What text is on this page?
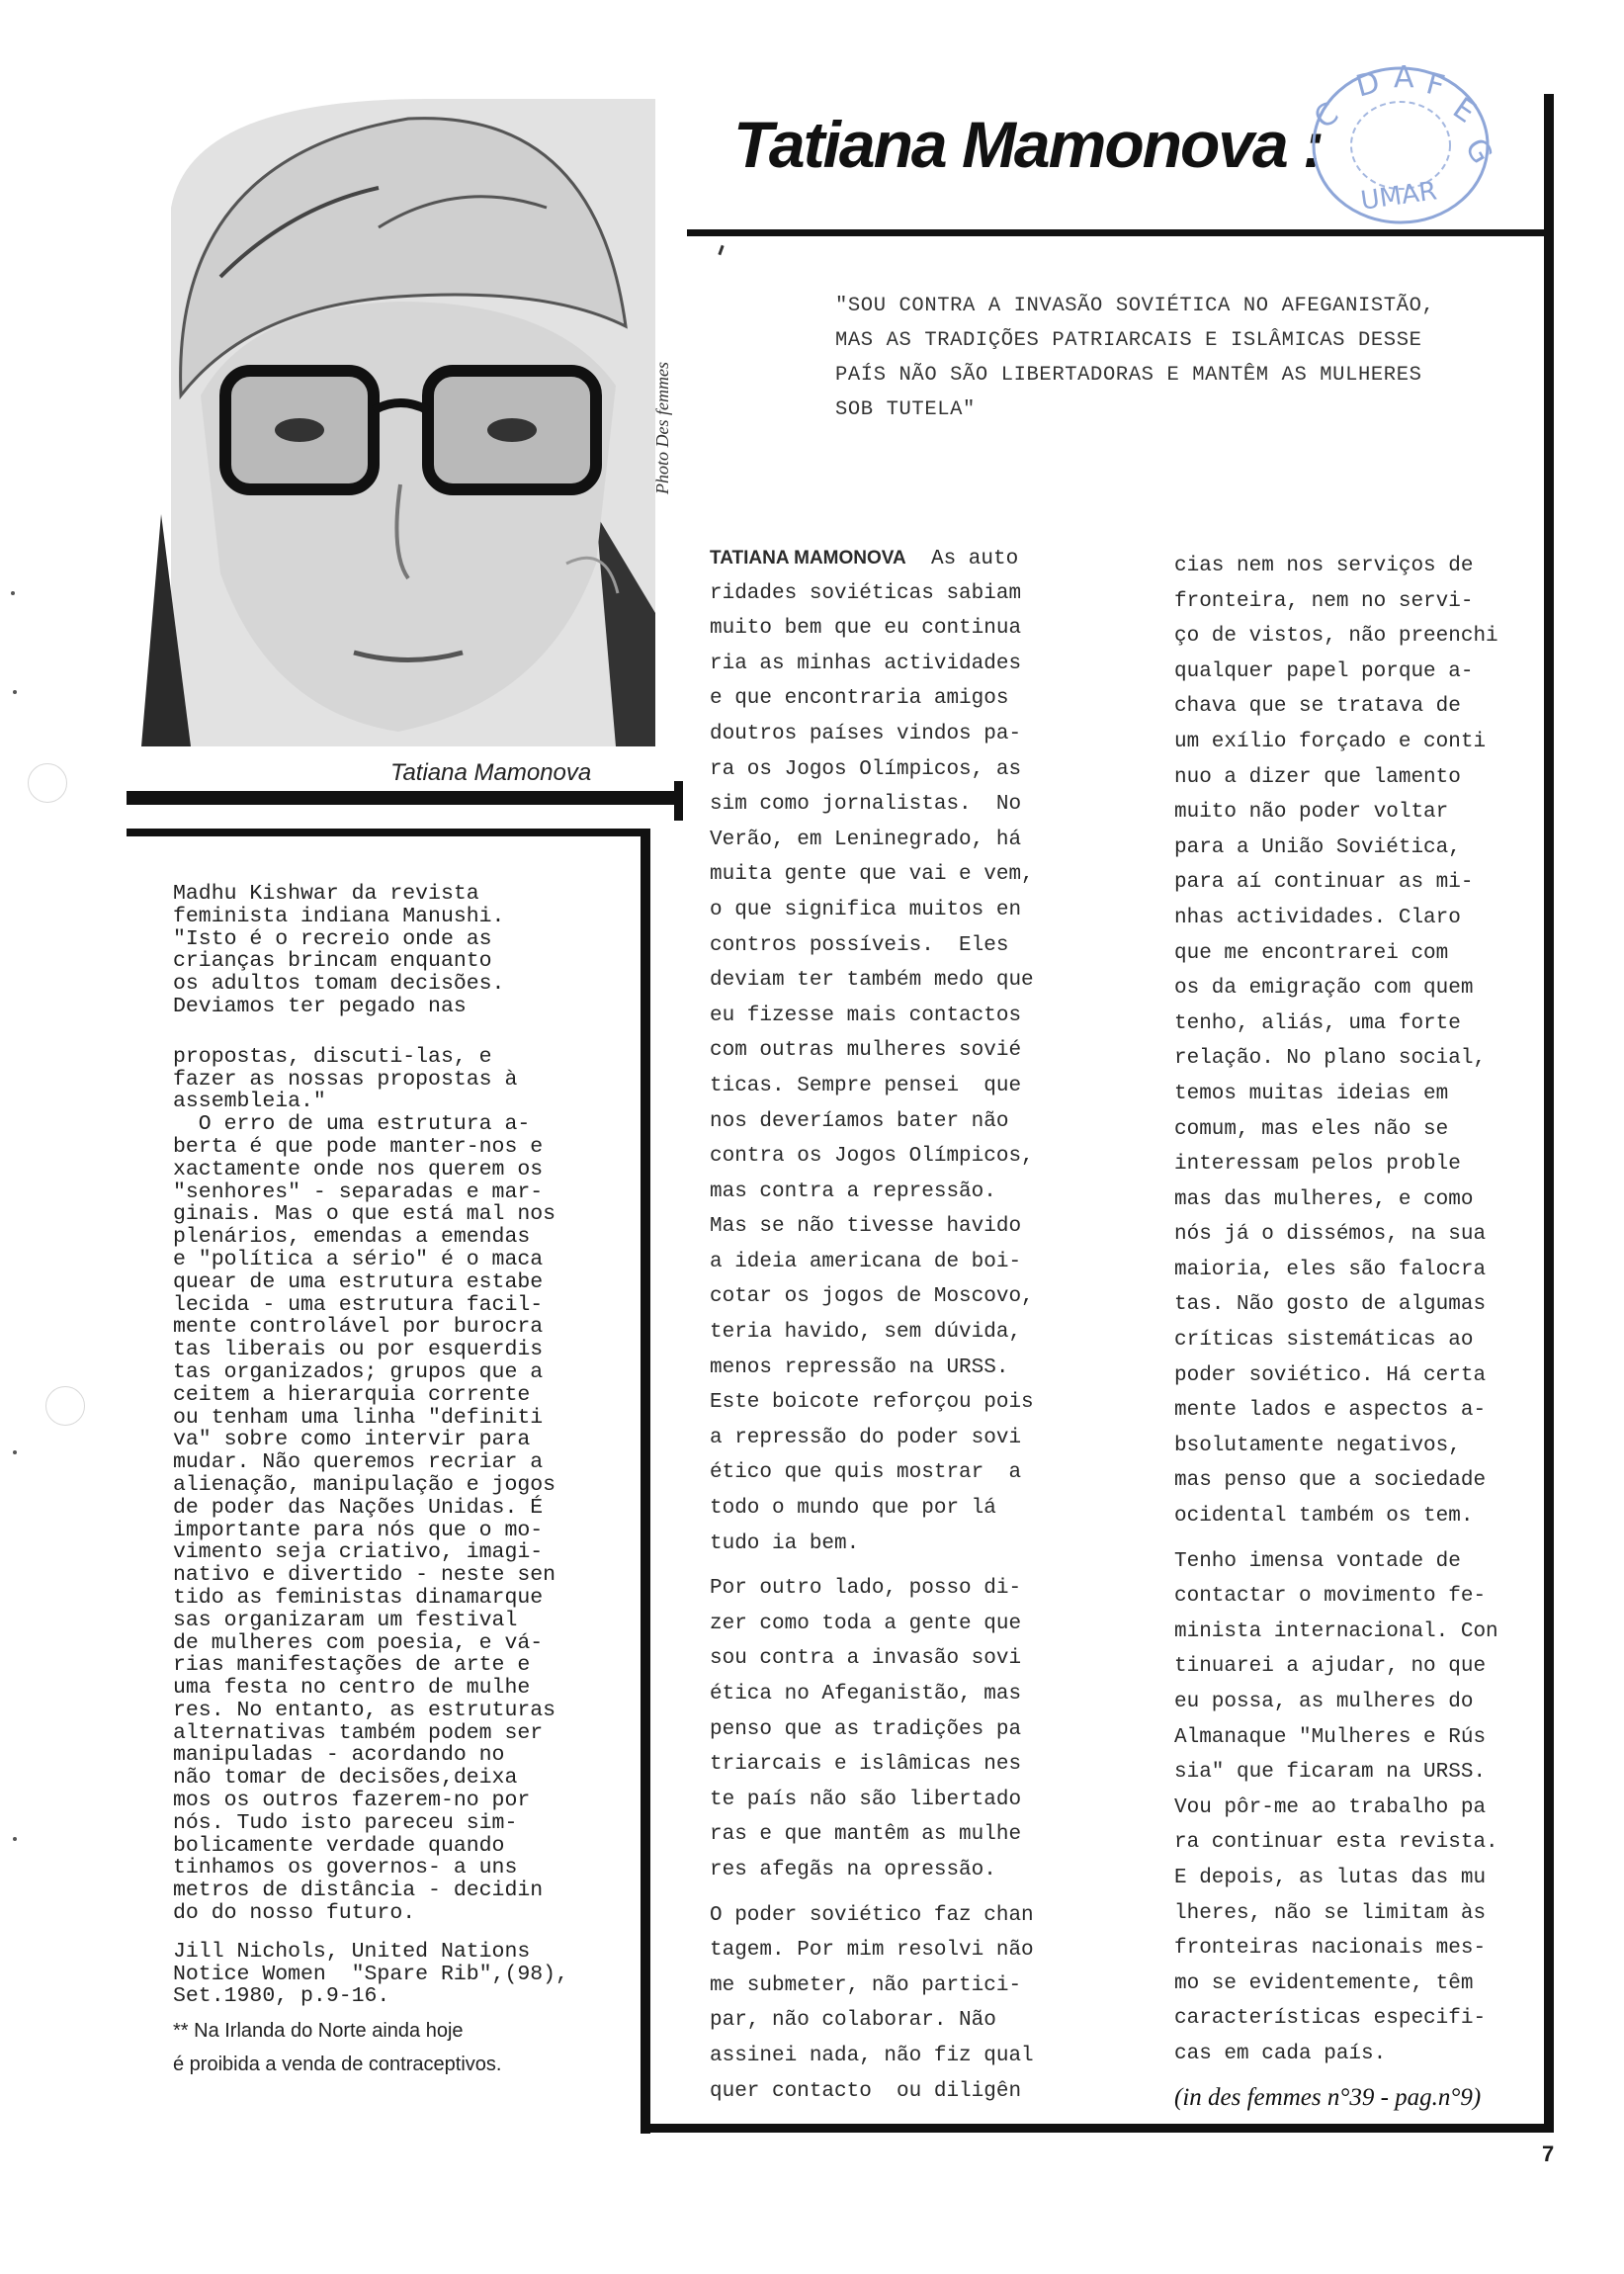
Photo Des femmes
Tatiana Mamonova
Tatiana Mamonova :
C
D A F
E
G
UMAR
"SOU CONTRA A INVASÃO SOVIÉTICA NO AFEGANISTÃO,
MAS AS TRADIÇÕES PATRIARCAIS E ISLÂMICAS DESSE
PAÍS NÃO SÃO LIBERTADORAS E MANTÊM AS MULHERES
SOB TUTELA"
Madhu Kishwar da revista
feminista indiana Manushi.
"Isto é o recreio onde as
crianças brincam enquanto
os adultos tomam decisões.
Deviamos ter pegado nas
propostas, discuti-las, e
fazer as nossas propostas à
assembleia."
O erro de uma estrutura a-
berta é que pode manter-nos e
xactamente onde nos querem os
"senhores" - separadas e mar-
ginais. Mas o que está mal nos
plenários, emendas a emendas
e "política a sério" é o maca
quear de uma estrutura estabe
lecida - uma estrutura facil-
mente controlável por burocra
tas liberais ou por esquerdis
tas organizados; grupos que a
ceitem a hierarquia corrente
ou tenham uma linha "definiti
va" sobre como intervir para
mudar. Não queremos recriar a
alienação, manipulação e jogos
de poder das Nações Unidas. É
importante para nós que o mo-
vimento seja criativo, imagi-
nativo e divertido - neste sen
tido as feministas dinamarque
sas organizaram um festival
de mulheres com poesia, e vá-
rias manifestações de arte e
uma festa no centro de mulhe
res. No entanto, as estruturas
alternativas também podem ser
manipuladas - acordando no
não tomar de decisões,deixa
mos os outros fazerem-no por
nós. Tudo isto pareceu sim-
bolicamente verdade quando
tinhamos os governos- a uns
metros de distância - decidin
do do nosso futuro.
Jill Nichols, United Nations
Notice Women  "Spare Rib",(98),
Set.1980, p.9-16.
** Na Irlanda do Norte ainda hoje
é proibida a venda de contraceptivos.
TATIANA MAMONOVA  As auto
ridades soviéticas sabiam
muito bem que eu continua
ria as minhas actividades
e que encontraria amigos
doutros países vindos pa-
ra os Jogos Olímpicos, as
sim como jornalistas.  No
Verão, em Leninegrado, há
muita gente que vai e vem,
o que significa muitos en
contros possíveis.  Eles
deviam ter também medo que
eu fizesse mais contactos
com outras mulheres sovié
ticas. Sempre pensei  que
nos deveríamos bater não
contra os Jogos Olímpicos,
mas contra a repressão.
Mas se não tivesse havido
a ideia americana de boi-
cotar os jogos de Moscovo,
teria havido, sem dúvida,
menos repressão na URSS.
Este boicote reforçou pois
a repressão do poder sovi
ético que quis mostrar  a
todo o mundo que por lá
tudo ia bem.
Por outro lado, posso di-
zer como toda a gente que
sou contra a invasão sovi
ética no Afeganistão, mas
penso que as tradições pa
triarcais e islâmicas nes
te país não são libertado
ras e que mantêm as mulhe
res afegãs na opressão.
O poder soviético faz chan
tagem. Por mim resolvi não
me submeter, não partici-
par, não colaborar. Não
assinei nada, não fiz qual
quer contacto  ou diligên
cias nem nos serviços de
fronteira, nem no servi-
ço de vistos, não preenchi
qualquer papel porque a-
chava que se tratava de
um exílio forçado e conti
nuo a dizer que lamento
muito não poder voltar
para a União Soviética,
para aí continuar as mi-
nhas actividades. Claro
que me encontrarei com
os da emigração com quem
tenho, aliás, uma forte
relação. No plano social,
temos muitas ideias em
comum, mas eles não se
interessam pelos proble
mas das mulheres, e como
nós já o dissémos, na sua
maioria, eles são falocra
tas. Não gosto de algumas
críticas sistemáticas ao
poder soviético. Há certa
mente lados e aspectos a-
bsolutamente negativos,
mas penso que a sociedade
ocidental também os tem.
Tenho imensa vontade de
contactar o movimento fe-
minista internacional. Con
tinuarei a ajudar, no que
eu possa, as mulheres do
Almanaque "Mulheres e Rús
sia" que ficaram na URSS.
Vou pôr-me ao trabalho pa
ra continuar esta revista.
E depois, as lutas das mu
lheres, não se limitam às
fronteiras nacionais mes-
mo se evidentemente, têm
características especifi-
cas em cada país.
(in des femmes n°39 - pag.n°9)
7
